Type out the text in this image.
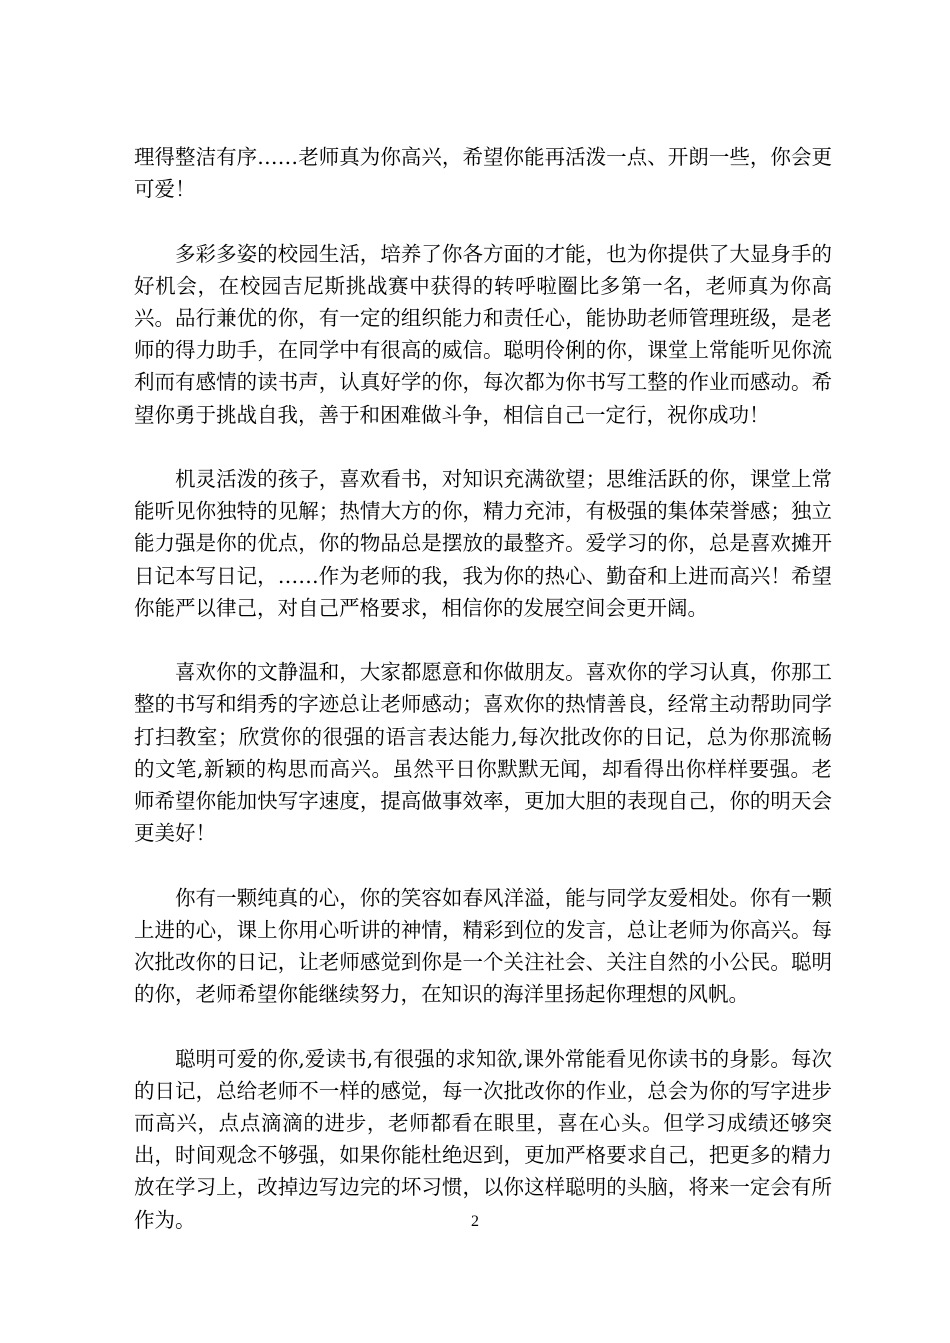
理得整洁有序……老师真为你高兴，希望你能再活泼一点、开朗一些，你会更可爱！

多彩多姿的校园生活，培养了你各方面的才能，也为你提供了大显身手的好机会，在校园吉尼斯挑战赛中获得的转呼啦圈比多第一名，老师真为你高兴。品行兼优的你，有一定的组织能力和责任心，能协助老师管理班级，是老师的得力助手，在同学中有很高的威信。聪明伶俐的你，课堂上常能听见你流利而有感情的读书声，认真好学的你，每次都为你书写工整的作业而感动。希望你勇于挑战自我，善于和困难做斗争，相信自己一定行，祝你成功！

机灵活泼的孩子，喜欢看书，对知识充满欲望；思维活跃的你，课堂上常能听见你独特的见解；热情大方的你，精力充沛，有极强的集体荣誉感；独立能力强是你的优点，你的物品总是摆放的最整齐。爱学习的你，总是喜欢摊开日记本写日记，……作为老师的我，我为你的热心、勤奋和上进而高兴！希望你能严以律己，对自己严格要求，相信你的发展空间会更开阔。

喜欢你的文静温和，大家都愿意和你做朋友。喜欢你的学习认真，你那工整的书写和绢秀的字迹总让老师感动；喜欢你的热情善良，经常主动帮助同学打扫教室；欣赏你的很强的语言表达能力,每次批改你的日记，总为你那流畅的文笔,新颖的构思而高兴。虽然平日你默默无闻，却看得出你样样要强。老师希望你能加快写字速度，提高做事效率，更加大胆的表现自己，你的明天会更美好！

你有一颗纯真的心，你的笑容如春风洋溢，能与同学友爱相处。你有一颗上进的心，课上你用心听讲的神情，精彩到位的发言，总让老师为你高兴。每次批改你的日记，让老师感觉到你是一个关注社会、关注自然的小公民。聪明的你，老师希望你能继续努力，在知识的海洋里扬起你理想的风帆。

聪明可爱的你,爱读书,有很强的求知欲,课外常能看见你读书的身影。每次的日记，总给老师不一样的感觉，每一次批改你的作业，总会为你的写字进步而高兴，点点滴滴的进步，老师都看在眼里，喜在心头。但学习成绩还够突出，时间观念不够强，如果你能杜绝迟到，更加严格要求自己，把更多的精力放在学习上，改掉边写边完的坏习惯，以你这样聪明的头脑，将来一定会有所作为。	2
